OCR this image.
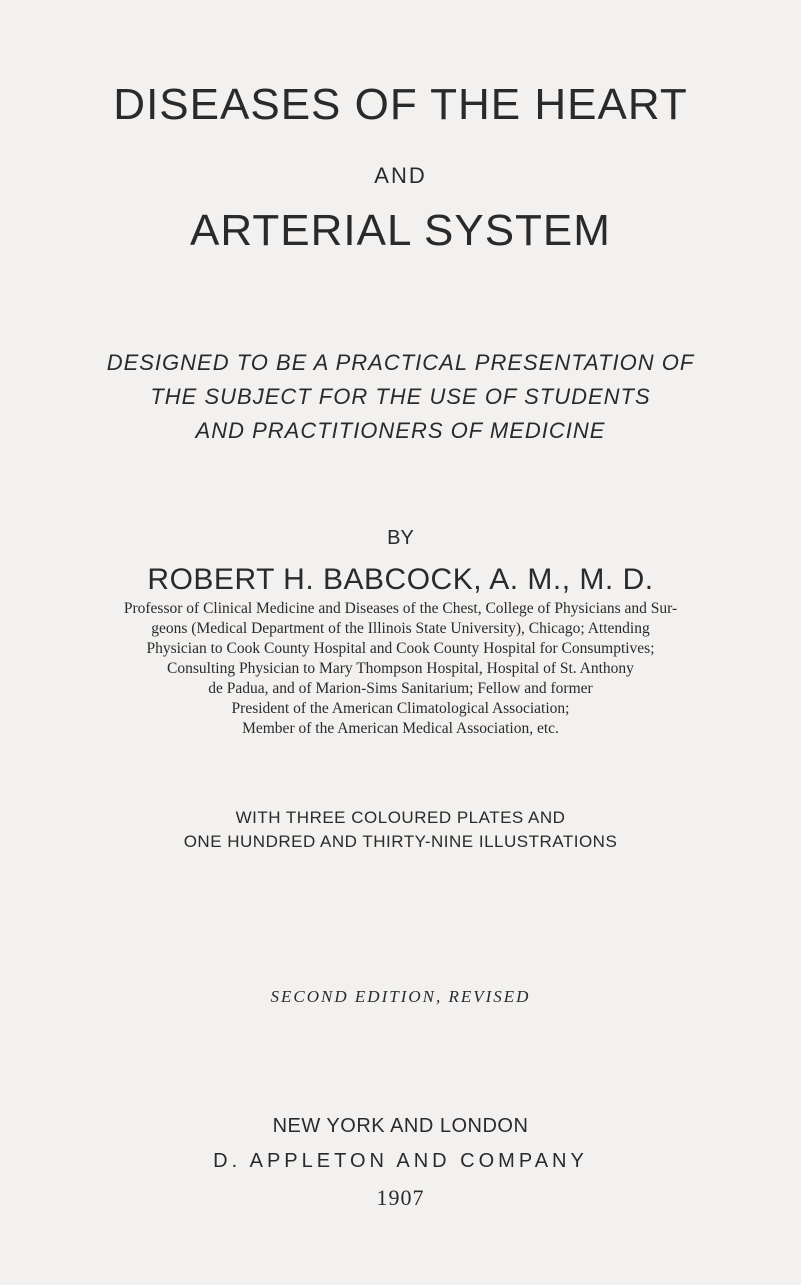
DISEASES OF THE HEART
AND
ARTERIAL SYSTEM
DESIGNED TO BE A PRACTICAL PRESENTATION OF
THE SUBJECT FOR THE USE OF STUDENTS
AND PRACTITIONERS OF MEDICINE
BY
ROBERT H. BABCOCK, A. M., M. D.
Professor of Clinical Medicine and Diseases of the Chest, College of Physicians and Sur-
geons (Medical Department of the Illinois State University), Chicago; Attending
Physician to Cook County Hospital and Cook County Hospital for Consumptives;
Consulting Physician to Mary Thompson Hospital, Hospital of St. Anthony
de Padua, and of Marion-Sims Sanitarium; Fellow and former
President of the American Climatological Association;
Member of the American Medical Association, etc.
WITH THREE COLOURED PLATES AND
ONE HUNDRED AND THIRTY-NINE ILLUSTRATIONS
SECOND EDITION, REVISED
NEW YORK AND LONDON
D. APPLETON AND COMPANY
1907
